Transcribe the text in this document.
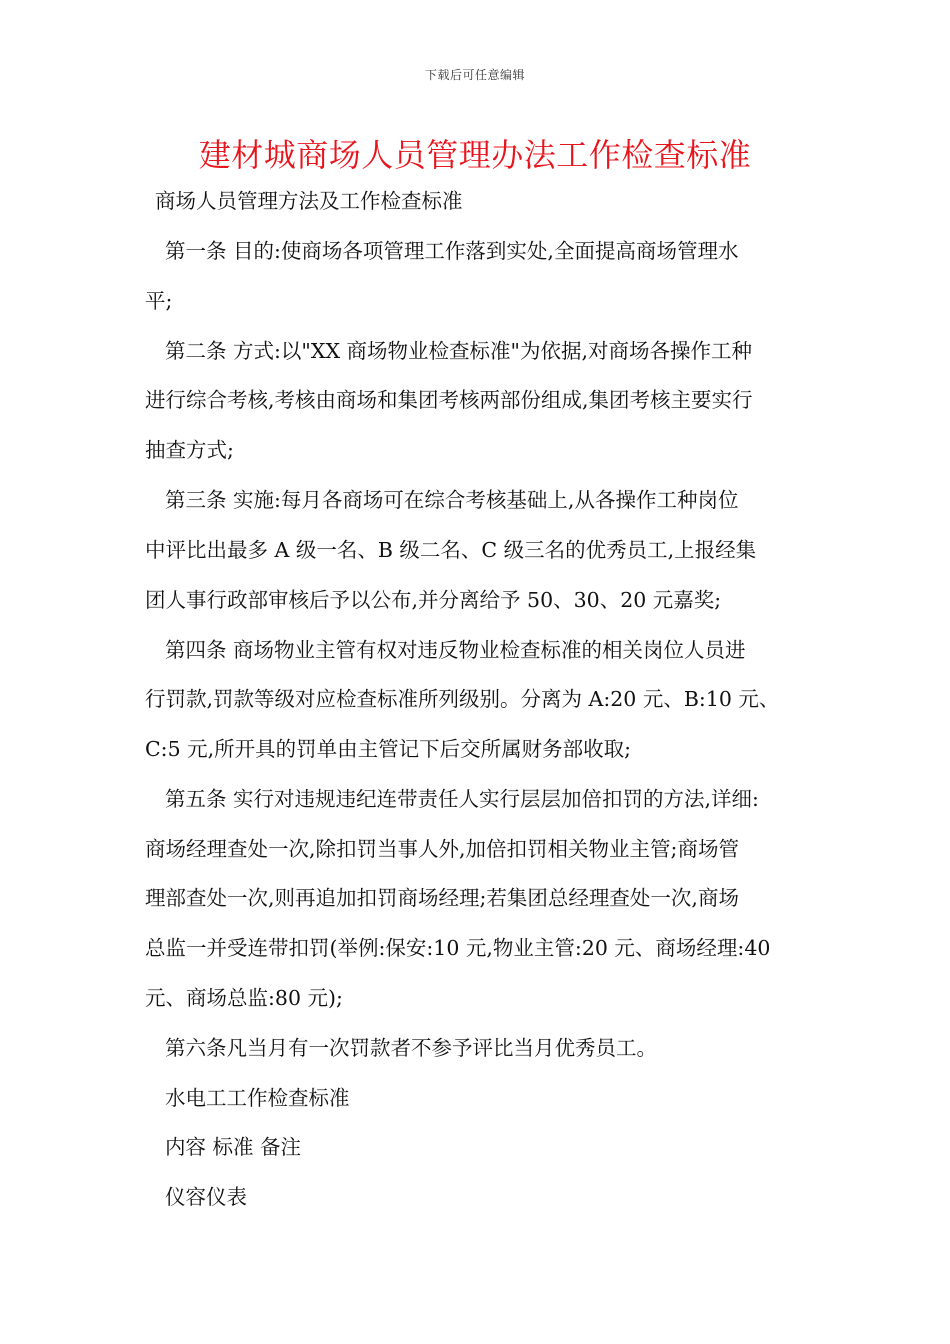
下载后可任意编辑
建材城商场人员管理办法工作检查标准
商场人员管理方法及工作检查标准
第一条 目的:使商场各项管理工作落到实处,全面提高商场管理水
平;
第二条 方式:以"XX 商场物业检查标准"为依据,对商场各操作工种
进行综合考核,考核由商场和集团考核两部份组成,集团考核主要实行
抽查方式;
第三条 实施:每月各商场可在综合考核基础上,从各操作工种岗位
中评比出最多 A 级一名、B 级二名、C 级三名的优秀员工,上报经集
团人事行政部审核后予以公布,并分离给予 50、30、20 元嘉奖;
第四条 商场物业主管有权对违反物业检查标准的相关岗位人员进
行罚款,罚款等级对应检查标准所列级别。分离为 A:20 元、B:10 元、
C:5 元,所开具的罚单由主管记下后交所属财务部收取;
第五条 实行对违规违纪连带责任人实行层层加倍扣罚的方法,详细:
商场经理查处一次,除扣罚当事人外,加倍扣罚相关物业主管;商场管
理部查处一次,则再追加扣罚商场经理;若集团总经理查处一次,商场
总监一并受连带扣罚(举例:保安:10 元,物业主管:20 元、商场经理:40
元、商场总监:80 元);
第六条凡当月有一次罚款者不参予评比当月优秀员工。
水电工工作检查标准
内容 标准 备注
仪容仪表
